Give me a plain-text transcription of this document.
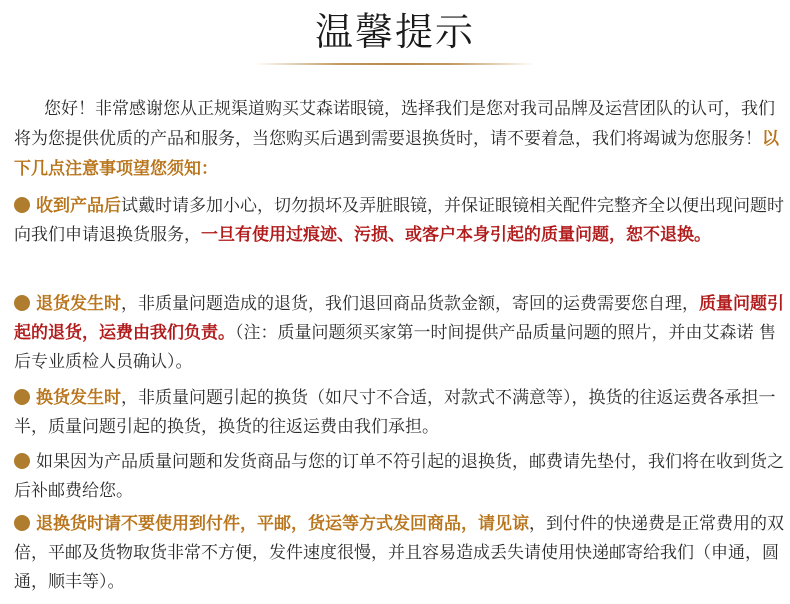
温馨提示
您好！非常感谢您从正规渠道购买艾森诺眼镜，选择我们是您对我司品牌及运营团队的认可，我们将为您提供优质的产品和服务，当您购买后遇到需要退换货时，请不要着急，我们将竭诚为您服务！以下几点注意事项望您须知：
收到产品后试戴时请多加小心，切勿损坏及弄脏眼镜，并保证眼镜相关配件完整齐全以便出现问题时向我们申请退换货服务，一旦有使用过痕迹、污损、或客户本身引起的质量问题，恕不退换。
退货发生时，非质量问题造成的退货，我们退回商品货款金额，寄回的运费需要您自理，质量问题引起的退货，运费由我们负责。（注：质量问题须买家第一时间提供产品质量问题的照片，并由艾森诺 售后专业质检人员确认）。
换货发生时，非质量问题引起的换货（如尺寸不合适，对款式不满意等），换货的往返运费各承担一半，质量问题引起的换货，换货的往返运费由我们承担。
如果因为产品质量问题和发货商品与您的订单不符引起的退换货，邮费请先垫付，我们将在收到货之后补邮费给您。
退换货时请不要使用到付件，平邮，货运等方式发回商品，请见谅，到付件的快递费是正常费用的双倍，平邮及货物取货非常不方便，发件速度很慢，并且容易造成丢失请使用快递邮寄给我们（申通，圆通，顺丰等）。
